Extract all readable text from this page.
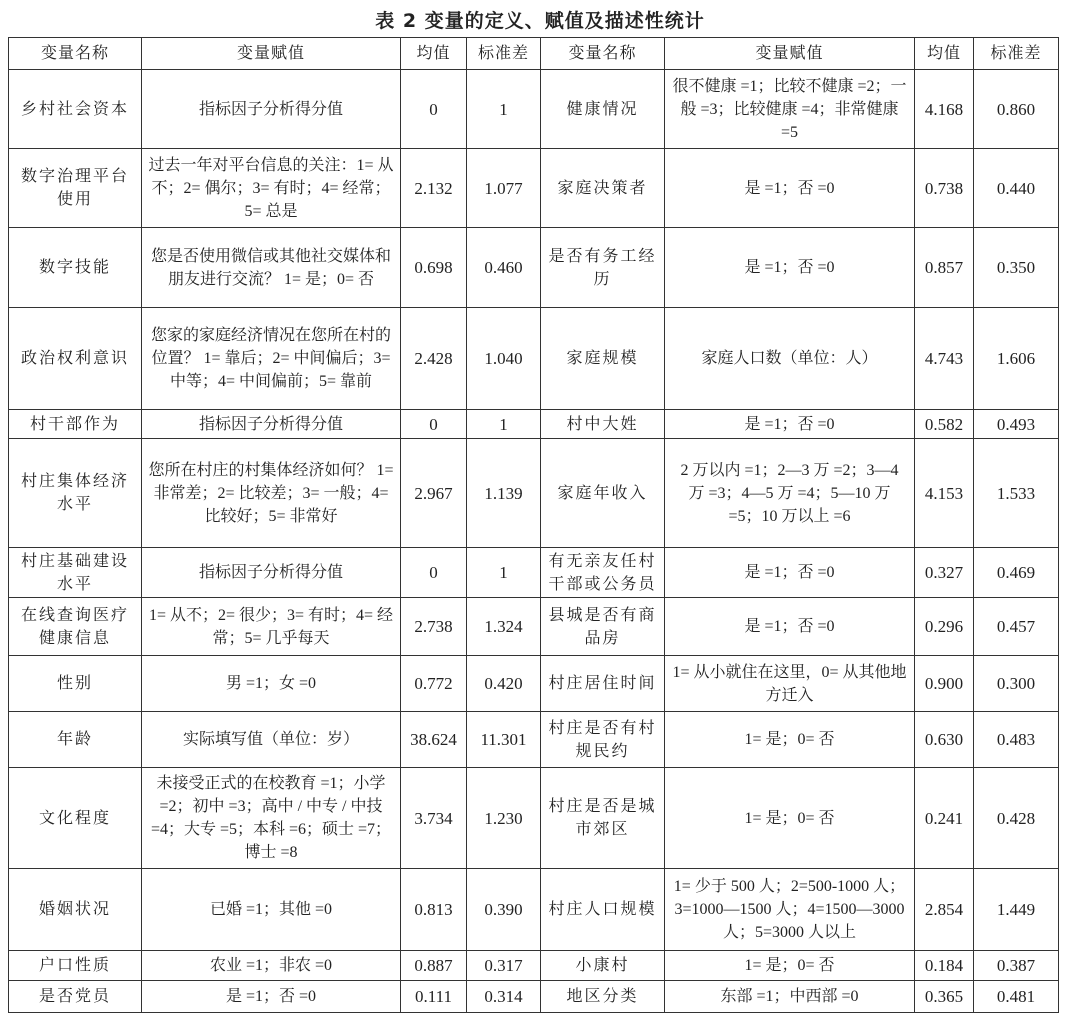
表 2 变量的定义、赋值及描述性统计
变量名称	变量赋值	均值	标准差	变量名称	变量赋值	均值	标准差
乡村社会资本	指标因子分析得分值	0	1	健康情况	很不健康 =1；比较不健康 =2；一般 =3；比较健康 =4；非常健康 =5	4.168	0.860
数字治理平台使用	过去一年对平台信息的关注：1= 从不；2= 偶尔；3= 有时；4= 经常；5= 总是	2.132	1.077	家庭决策者	是 =1；否 =0	0.738	0.440
数字技能	您是否使用微信或其他社交媒体和朋友进行交流？ 1= 是；0= 否	0.698	0.460	是否有务工经历	是 =1；否 =0	0.857	0.350
政治权利意识	您家的家庭经济情况在您所在村的位置？ 1= 靠后；2= 中间偏后；3= 中等；4= 中间偏前；5= 靠前	2.428	1.040	家庭规模	家庭人口数（单位：人）	4.743	1.606
村干部作为	指标因子分析得分值	0	1	村中大姓	是 =1；否 =0	0.582	0.493
村庄集体经济水平	您所在村庄的村集体经济如何？ 1= 非常差；2= 比较差；3= 一般；4= 比较好；5= 非常好	2.967	1.139	家庭年收入	2 万以内 =1；2—3 万 =2；3—4 万 =3；4—5 万 =4；5—10 万 =5；10 万以上 =6	4.153	1.533
村庄基础建设水平	指标因子分析得分值	0	1	有无亲友任村干部或公务员	是 =1；否 =0	0.327	0.469
在线查询医疗健康信息	1= 从不；2= 很少；3= 有时；4= 经常；5= 几乎每天	2.738	1.324	县城是否有商品房	是 =1；否 =0	0.296	0.457
性别	男 =1；女 =0	0.772	0.420	村庄居住时间	1= 从小就住在这里，0= 从其他地方迁入	0.900	0.300
年龄	实际填写值（单位：岁）	38.624	11.301	村庄是否有村规民约	1= 是；0= 否	0.630	0.483
文化程度	未接受正式的在校教育 =1；小学 =2；初中 =3；高中 / 中专 / 中技 =4；大专 =5；本科 =6；硕士 =7；博士 =8	3.734	1.230	村庄是否是城市郊区	1= 是；0= 否	0.241	0.428
婚姻状况	已婚 =1；其他 =0	0.813	0.390	村庄人口规模	1= 少于 500 人；2=500-1000 人；3=1000—1500 人；4=1500—3000 人；5=3000 人以上	2.854	1.449
户口性质	农业 =1；非农 =0	0.887	0.317	小康村	1= 是；0= 否	0.184	0.387
是否党员	是 =1；否 =0	0.111	0.314	地区分类	东部 =1；中西部 =0	0.365	0.481
